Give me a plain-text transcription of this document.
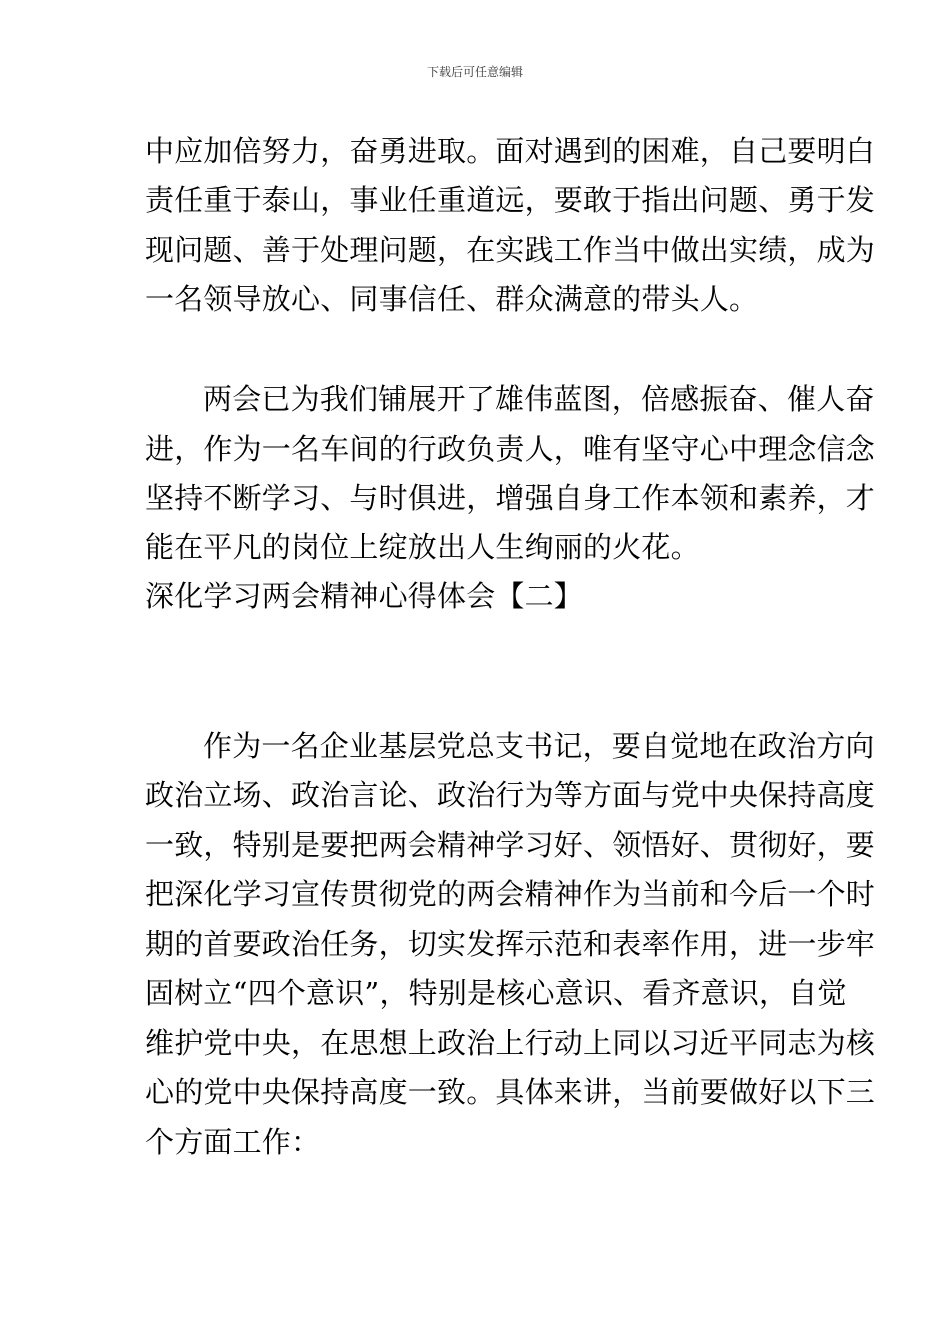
下载后可任意编辑
中应加倍努力，奋勇进取。面对遇到的困难，自己要明白
责任重于泰山，事业任重道远，要敢于指出问题、勇于发
现问题、善于处理问题，在实践工作当中做出实绩，成为
一名领导放心、同事信任、群众满意的带头人。
两会已为我们铺展开了雄伟蓝图，倍感振奋、催人奋
进，作为一名车间的行政负责人，唯有坚守心中理念信念
坚持不断学习、与时俱进，增强自身工作本领和素养，才
能在平凡的岗位上绽放出人生绚丽的火花。
深化学习两会精神心得体会【二】
作为一名企业基层党总支书记，要自觉地在政治方向
政治立场、政治言论、政治行为等方面与党中央保持高度
一致，特别是要把两会精神学习好、领悟好、贯彻好，要
把深化学习宣传贯彻党的两会精神作为当前和今后一个时
期的首要政治任务，切实发挥示范和表率作用，进一步牢
固树立“四个意识”，特别是核心意识、看齐意识，自觉
维护党中央，在思想上政治上行动上同以习近平同志为核
心的党中央保持高度一致。具体来讲，当前要做好以下三
个方面工作：
